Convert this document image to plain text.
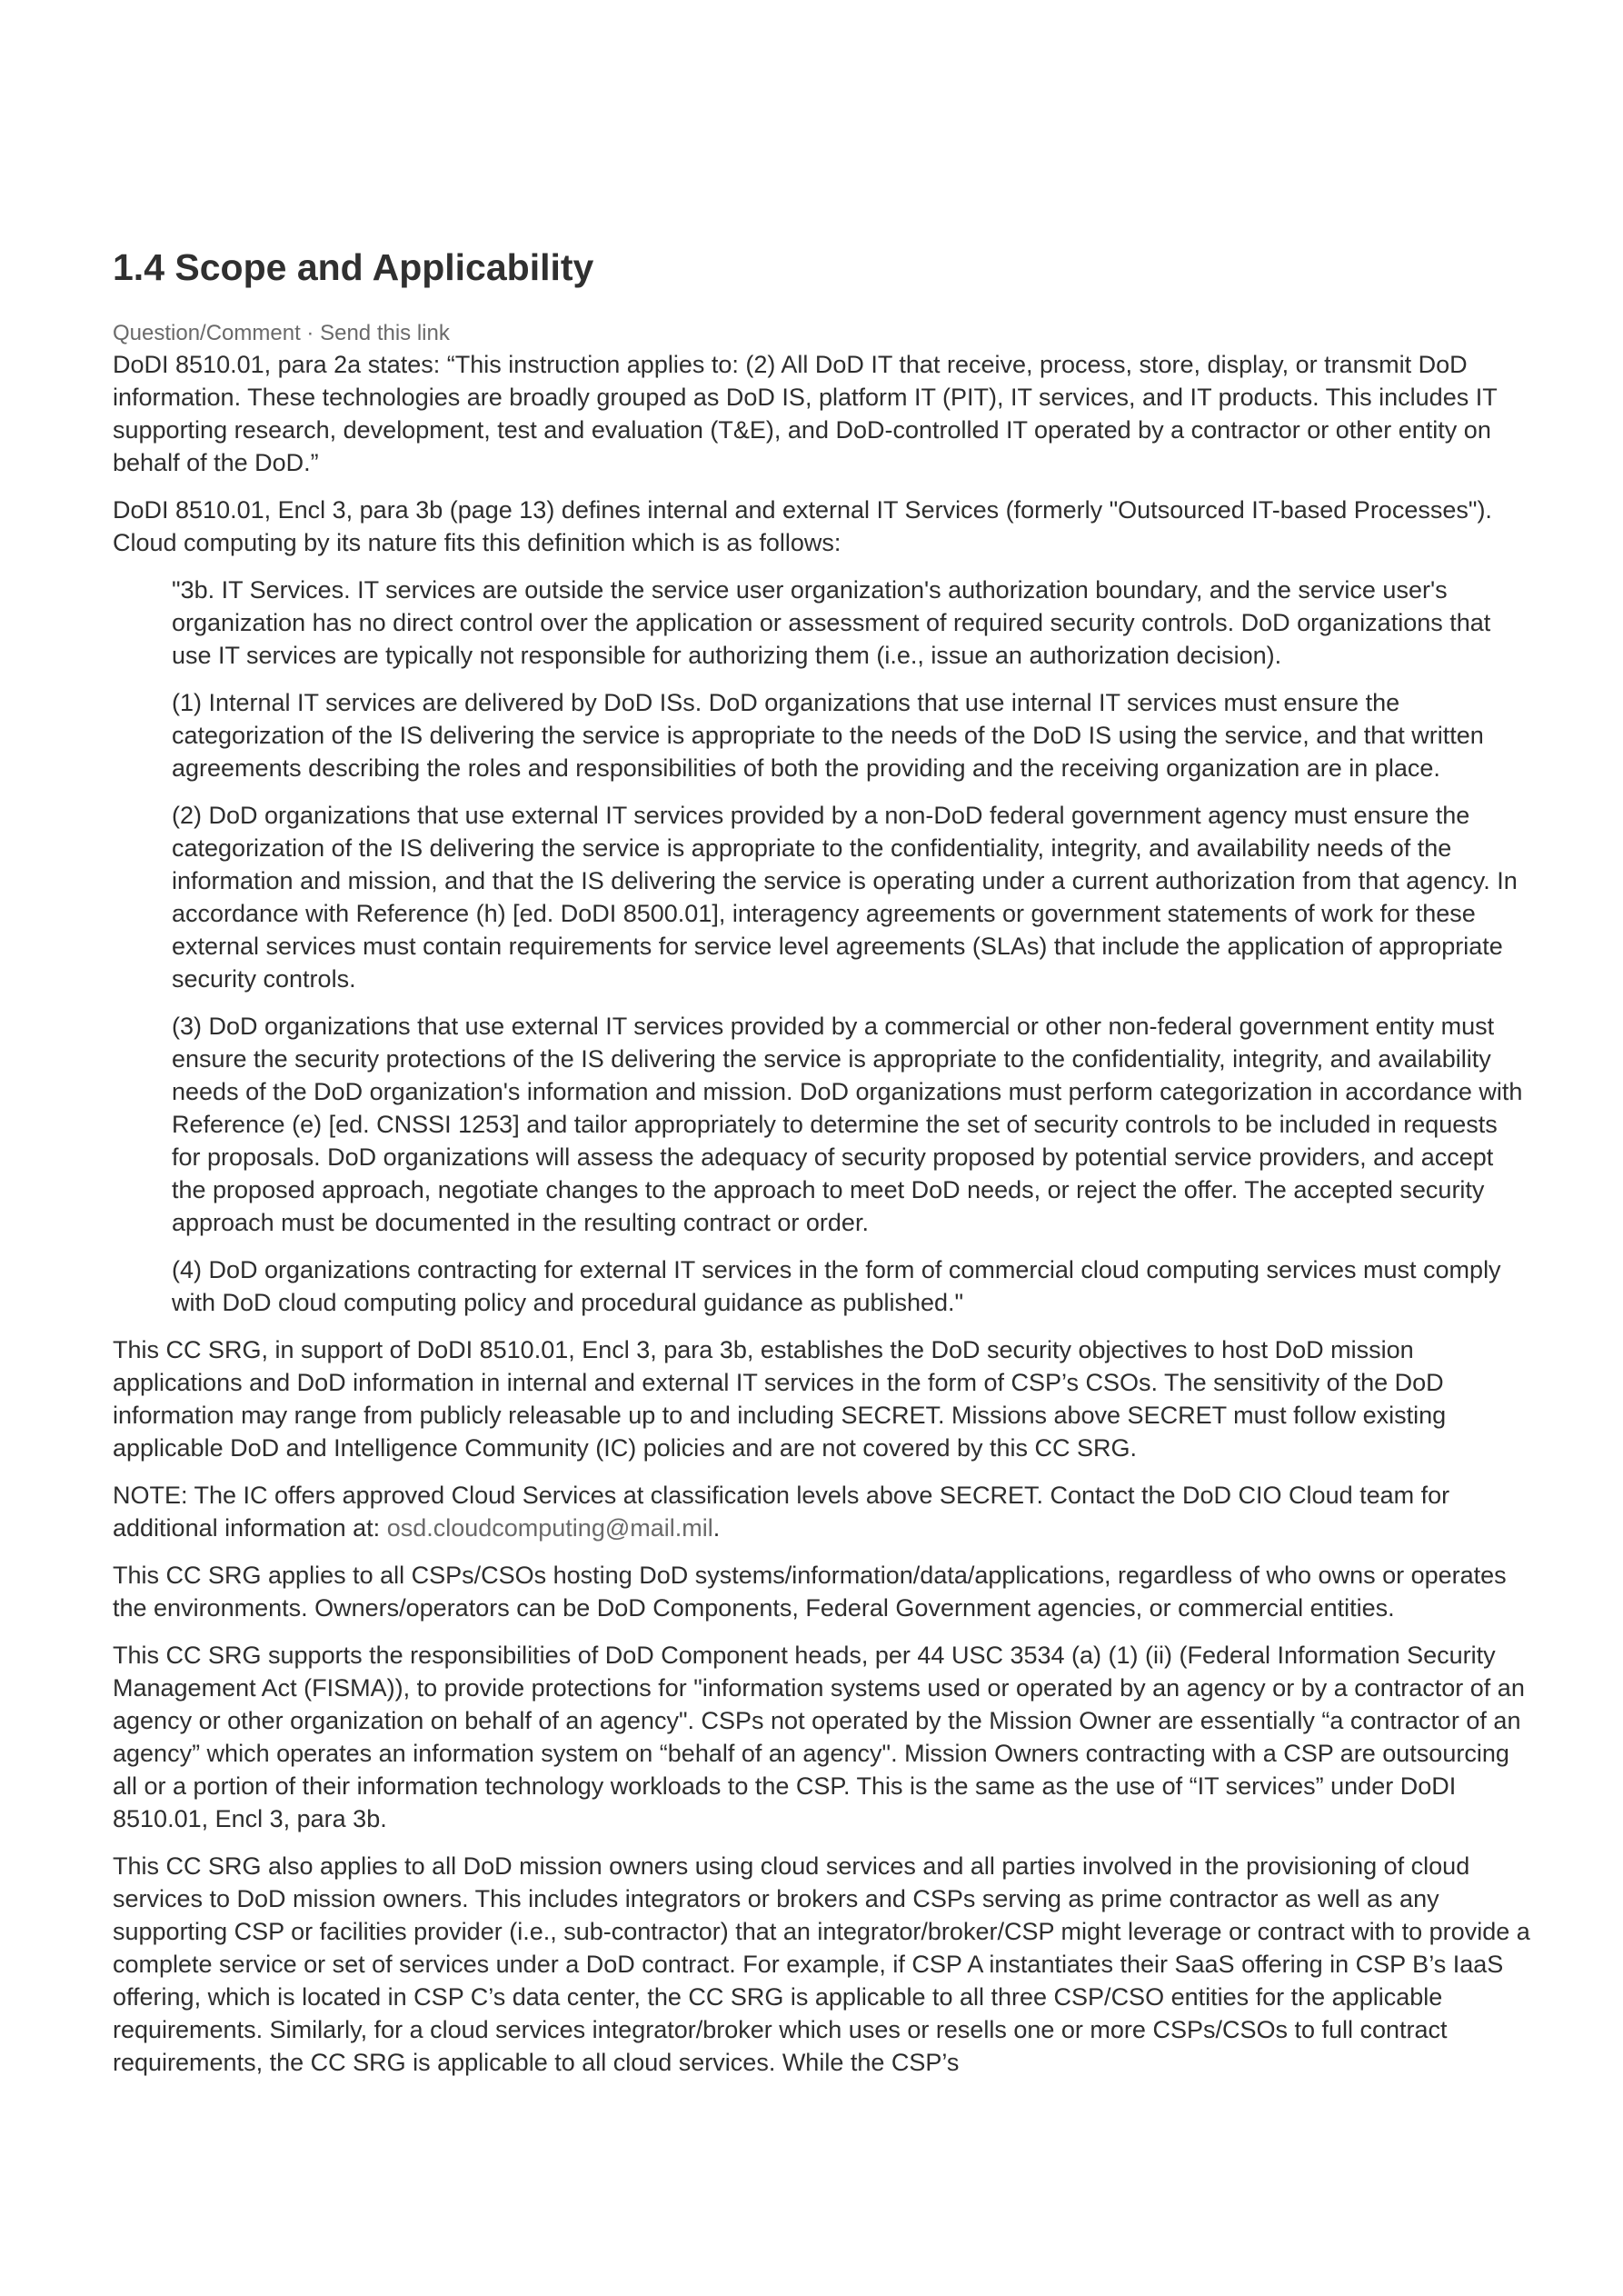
1.4 Scope and Applicability
Question/Comment · Send this link

DoDI 8510.01, para 2a states: “This instruction applies to: (2) All DoD IT that receive, process, store, display, or transmit DoD information. These technologies are broadly grouped as DoD IS, platform IT (PIT), IT services, and IT products. This includes IT supporting research, development, test and evaluation (T&E), and DoD-controlled IT operated by a contractor or other entity on behalf of the DoD.”

DoDI 8510.01, Encl 3, para 3b (page 13) defines internal and external IT Services (formerly "Outsourced IT-based Processes"). Cloud computing by its nature fits this definition which is as follows:

"3b. IT Services. IT services are outside the service user organization's authorization boundary, and the service user's organization has no direct control over the application or assessment of required security controls. DoD organizations that use IT services are typically not responsible for authorizing them (i.e., issue an authorization decision).

(1) Internal IT services are delivered by DoD ISs. DoD organizations that use internal IT services must ensure the categorization of the IS delivering the service is appropriate to the needs of the DoD IS using the service, and that written agreements describing the roles and responsibilities of both the providing and the receiving organization are in place.

(2) DoD organizations that use external IT services provided by a non-DoD federal government agency must ensure the categorization of the IS delivering the service is appropriate to the confidentiality, integrity, and availability needs of the information and mission, and that the IS delivering the service is operating under a current authorization from that agency. In accordance with Reference (h) [ed. DoDI 8500.01], interagency agreements or government statements of work for these external services must contain requirements for service level agreements (SLAs) that include the application of appropriate security controls.

(3) DoD organizations that use external IT services provided by a commercial or other non-federal government entity must ensure the security protections of the IS delivering the service is appropriate to the confidentiality, integrity, and availability needs of the DoD organization's information and mission. DoD organizations must perform categorization in accordance with Reference (e) [ed. CNSSI 1253] and tailor appropriately to determine the set of security controls to be included in requests for proposals. DoD organizations will assess the adequacy of security proposed by potential service providers, and accept the proposed approach, negotiate changes to the approach to meet DoD needs, or reject the offer. The accepted security approach must be documented in the resulting contract or order.

(4) DoD organizations contracting for external IT services in the form of commercial cloud computing services must comply with DoD cloud computing policy and procedural guidance as published."

This CC SRG, in support of DoDI 8510.01, Encl 3, para 3b, establishes the DoD security objectives to host DoD mission applications and DoD information in internal and external IT services in the form of CSP’s CSOs. The sensitivity of the DoD information may range from publicly releasable up to and including SECRET. Missions above SECRET must follow existing applicable DoD and Intelligence Community (IC) policies and are not covered by this CC SRG.

NOTE: The IC offers approved Cloud Services at classification levels above SECRET. Contact the DoD CIO Cloud team for additional information at: osd.cloudcomputing@mail.mil.

This CC SRG applies to all CSPs/CSOs hosting DoD systems/information/data/applications, regardless of who owns or operates the environments. Owners/operators can be DoD Components, Federal Government agencies, or commercial entities.

This CC SRG supports the responsibilities of DoD Component heads, per 44 USC 3534 (a) (1) (ii) (Federal Information Security Management Act (FISMA)), to provide protections for "information systems used or operated by an agency or by a contractor of an agency or other organization on behalf of an agency". CSPs not operated by the Mission Owner are essentially “a contractor of an agency” which operates an information system on “behalf of an agency". Mission Owners contracting with a CSP are outsourcing all or a portion of their information technology workloads to the CSP. This is the same as the use of “IT services” under DoDI 8510.01, Encl 3, para 3b.

This CC SRG also applies to all DoD mission owners using cloud services and all parties involved in the provisioning of cloud services to DoD mission owners. This includes integrators or brokers and CSPs serving as prime contractor as well as any supporting CSP or facilities provider (i.e., sub-contractor) that an integrator/broker/CSP might leverage or contract with to provide a complete service or set of services under a DoD contract. For example, if CSP A instantiates their SaaS offering in CSP B’s IaaS offering, which is located in CSP C’s data center, the CC SRG is applicable to all three CSP/CSO entities for the applicable requirements. Similarly, for a cloud services integrator/broker which uses or resells one or more CSPs/CSOs to full contract requirements, the CC SRG is applicable to all cloud services. While the CSP’s
